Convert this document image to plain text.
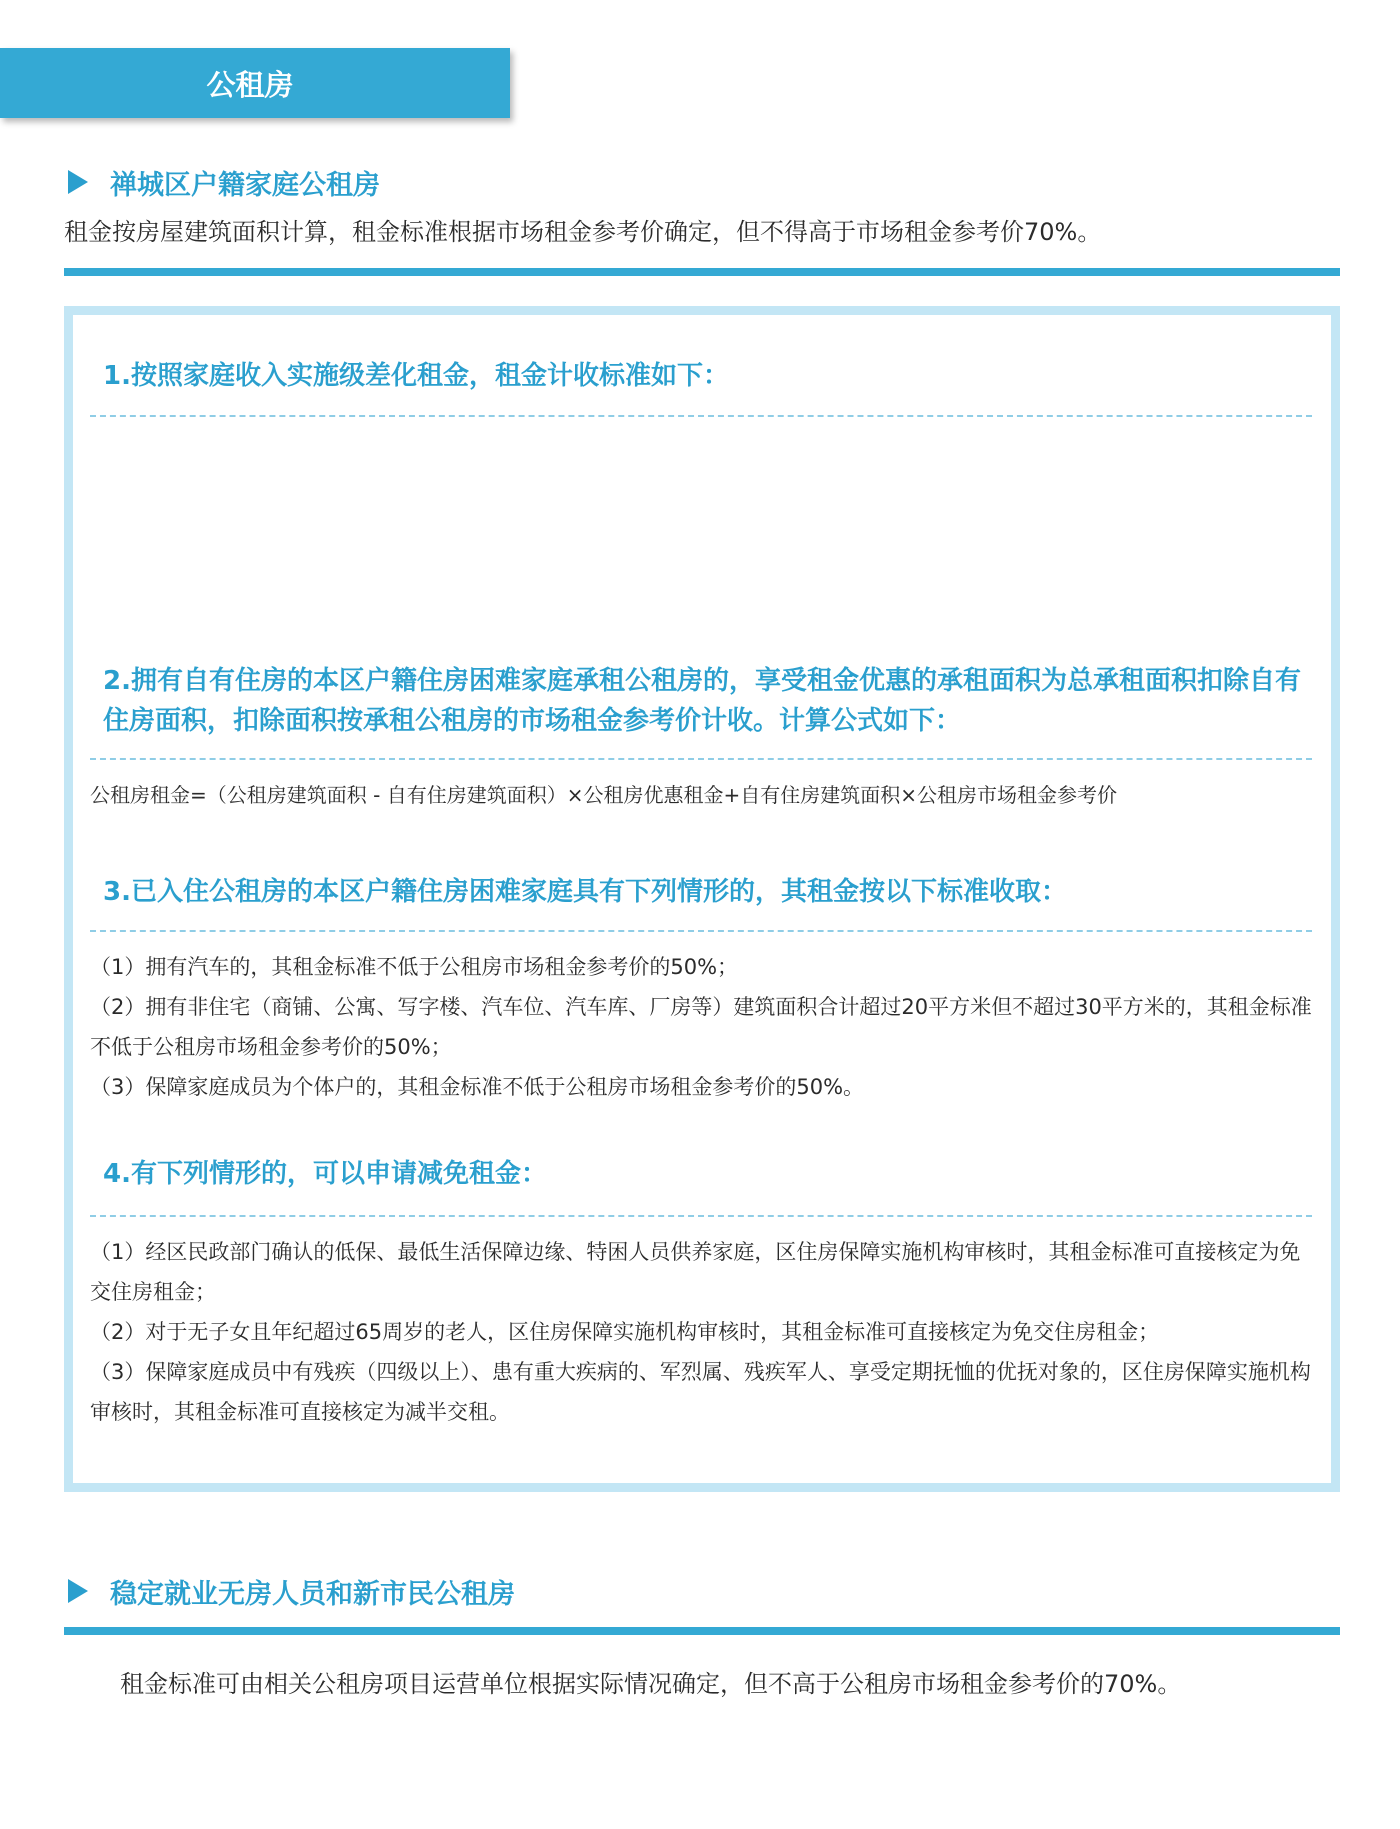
公租房
禅城区户籍家庭公租房
租金按房屋建筑面积计算，租金标准根据市场租金参考价确定，但不得高于市场租金参考价70%。
1.按照家庭收入实施级差化租金，租金计收标准如下：
2.拥有自有住房的本区户籍住房困难家庭承租公租房的，享受租金优惠的承租面积为总承租面积扣除自有住房面积，扣除面积按承租公租房的市场租金参考价计收。计算公式如下：
公租房租金=（公租房建筑面积 - 自有住房建筑面积）×公租房优惠租金+自有住房建筑面积×公租房市场租金参考价
3.已入住公租房的本区户籍住房困难家庭具有下列情形的，其租金按以下标准收取：

（1）拥有汽车的，其租金标准不低于公租房市场租金参考价的50%；

（2）拥有非住宅（商铺、公寓、写字楼、汽车位、汽车库、厂房等）建筑面积合计超过20平方米但不超过30平方米的，其租金标准不低于公租房市场租金参考价的50%；

（3）保障家庭成员为个体户的，其租金标准不低于公租房市场租金参考价的50%。

4.有下列情形的，可以申请减免租金：

（1）经区民政部门确认的低保、最低生活保障边缘、特困人员供养家庭，区住房保障实施机构审核时，其租金标准可直接核定为免交住房租金；

（2）对于无子女且年纪超过65周岁的老人，区住房保障实施机构审核时，其租金标准可直接核定为免交住房租金；

（3）保障家庭成员中有残疾（四级以上）、患有重大疾病的、军烈属、残疾军人、享受定期抚恤的优抚对象的，区住房保障实施机构审核时，其租金标准可直接核定为减半交租。

稳定就业无房人员和新市民公租房
　　租金标准可由相关公租房项目运营单位根据实际情况确定，但不高于公租房市场租金参考价的70%。
